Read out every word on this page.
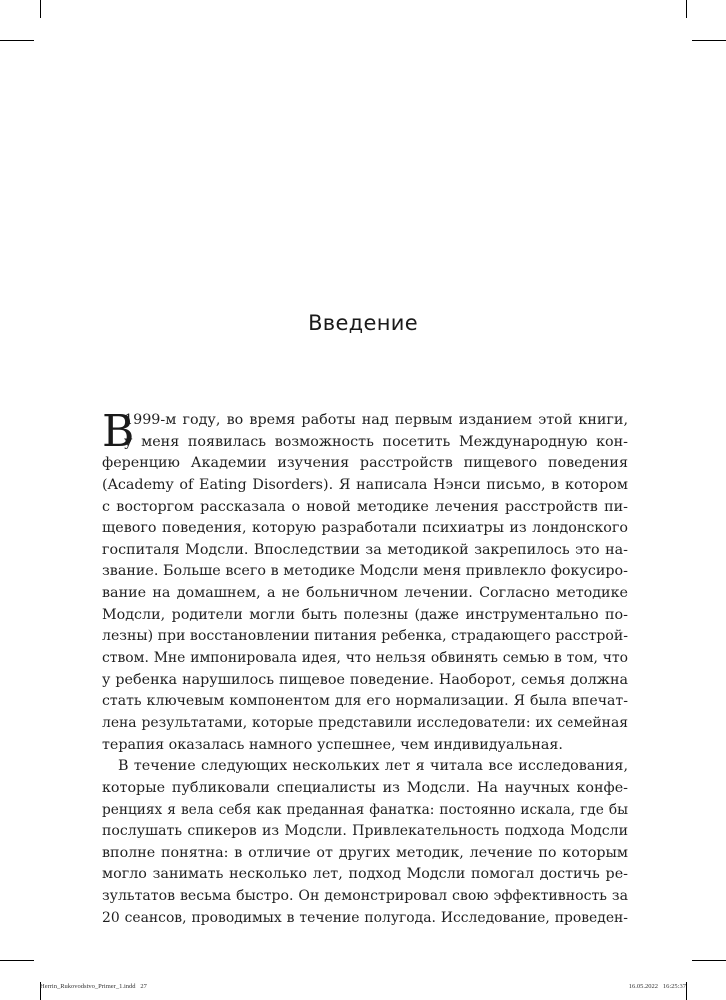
Введение
В
1999-м году, во время работы над первым изданием этой книги,
у меня появилась возможность посетить Международную кон-
ференцию Академии изучения расстройств пищевого поведения
(Academy of Eating Disorders). Я написала Нэнси письмо, в котором
с восторгом рассказала о новой методике лечения расстройств пи-
щевого поведения, которую разработали психиатры из лондонского
госпиталя Модсли. Впоследствии за методикой закрепилось это на-
звание. Больше всего в методике Модсли меня привлекло фокусиро-
вание на домашнем, а не больничном лечении. Согласно методике
Модсли, родители могли быть полезны (даже инструментально по-
лезны) при восстановлении питания ребенка, страдающего расстрой-
ством. Мне импонировала идея, что нельзя обвинять семью в том, что
у ребенка нарушилось пищевое поведение. Наоборот, семья должна
стать ключевым компонентом для его нормализации. Я была впечат-
лена результатами, которые представили исследователи: их семейная
терапия оказалась намного успешнее, чем индивидуальная.
В течение следующих нескольких лет я читала все исследования,
которые публиковали специалисты из Модсли. На научных конфе-
ренциях я вела себя как преданная фанатка: постоянно искала, где бы
послушать спикеров из Модсли. Привлекательность подхода Модсли
вполне понятна: в отличие от других методик, лечение по которым
могло занимать несколько лет, подход Модсли помогал достичь ре-
зультатов весьма быстро. Он демонстрировал свою эффективность за
20 сеансов, проводимых в течение полугода. Исследование, проведен-
Herrin_Rukovodstvo_Primer_1.indd   27	16.05.2022   16:25:37
